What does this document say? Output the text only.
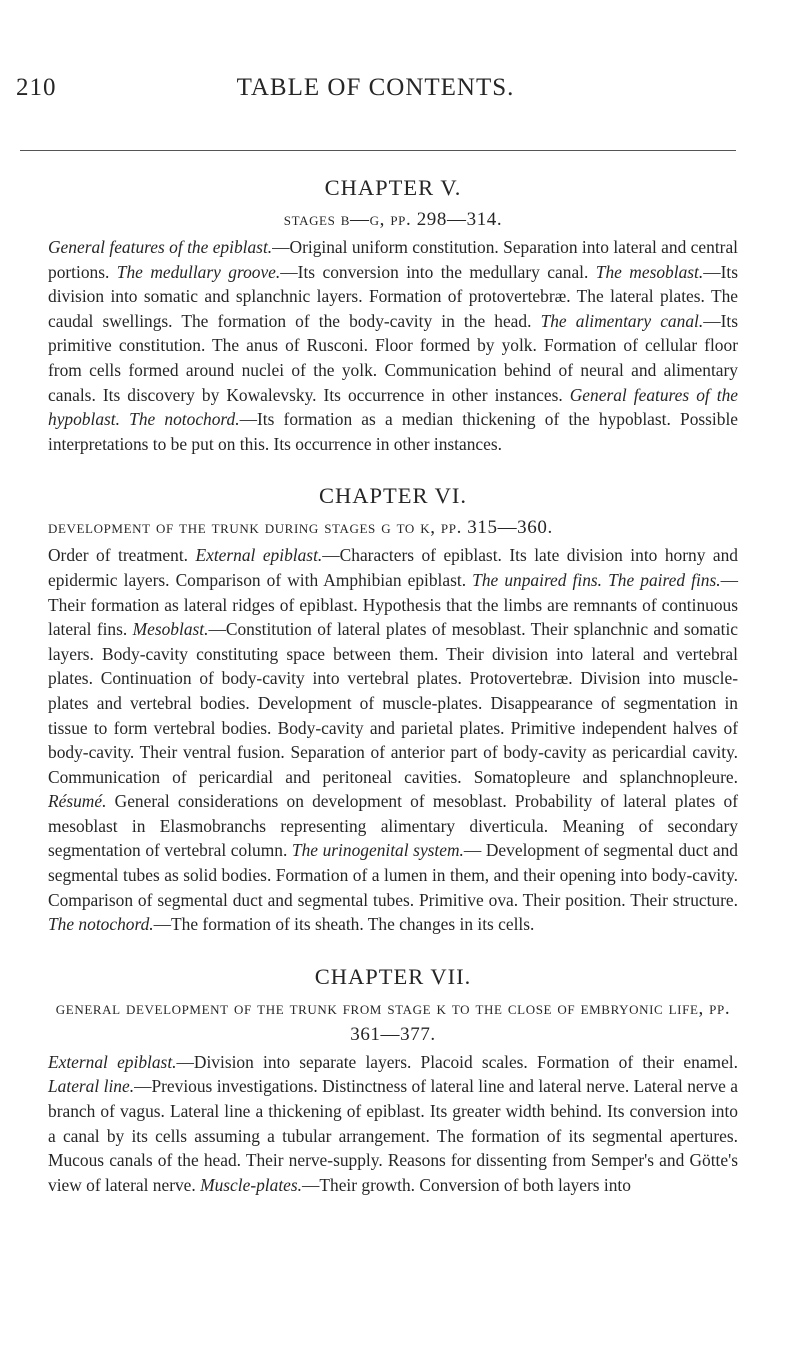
210	TABLE OF CONTENTS.
CHAPTER V.
stages b—g, pp. 298—314.

General features of the epiblast.—Original uniform constitution. Separation into lateral and central portions. The medullary groove.—Its conversion into the medullary canal. The mesoblast.—Its division into somatic and splanchnic layers. Formation of protovertebræ. The lateral plates. The caudal swellings. The formation of the body-cavity in the head. The alimentary canal.—Its primitive constitution. The anus of Rusconi. Floor formed by yolk. Formation of cellular floor from cells formed around nuclei of the yolk. Communication behind of neural and alimentary canals. Its discovery by Kowalevsky. Its occurrence in other instances. General features of the hypoblast. The notochord.—Its formation as a median thickening of the hypoblast. Possible interpretations to be put on this. Its occurrence in other instances.

CHAPTER VI.
development of the trunk during stages g to k, pp. 315—360.

Order of treatment. External epiblast.—Characters of epiblast. Its late division into horny and epidermic layers. Comparison of with Amphibian epiblast. The unpaired fins. The paired fins.—Their formation as lateral ridges of epiblast. Hypothesis that the limbs are remnants of continuous lateral fins. Mesoblast.—Constitution of lateral plates of mesoblast. Their splanchnic and somatic layers. Body-cavity constituting space between them. Their division into lateral and vertebral plates. Continuation of body-cavity into vertebral plates. Protovertebræ. Division into muscle-plates and vertebral bodies. Development of muscle-plates. Disappearance of segmentation in tissue to form vertebral bodies. Body-cavity and parietal plates. Primitive independent halves of body-cavity. Their ventral fusion. Separation of anterior part of body-cavity as pericardial cavity. Communication of pericardial and peritoneal cavities. Somatopleure and splanchnopleure. Résumé. General considerations on development of mesoblast. Probability of lateral plates of mesoblast in Elasmobranchs representing alimentary diverticula. Meaning of secondary segmentation of vertebral column. The urinogenital system.— Development of segmental duct and segmental tubes as solid bodies. Formation of a lumen in them, and their opening into body-cavity. Comparison of segmental duct and segmental tubes. Primitive ova. Their position. Their structure. The notochord.—The formation of its sheath. The changes in its cells.

CHAPTER VII.
general development of the trunk from stage k to the close of embryonic life, pp. 361—377.

External epiblast.—Division into separate layers. Placoid scales. Formation of their enamel. Lateral line.—Previous investigations. Distinctness of lateral line and lateral nerve. Lateral nerve a branch of vagus. Lateral line a thickening of epiblast. Its greater width behind. Its conversion into a canal by its cells assuming a tubular arrangement. The formation of its segmental apertures. Mucous canals of the head. Their nerve-supply. Reasons for dissenting from Semper's and Götte's view of lateral nerve. Muscle-plates.—Their growth. Conversion of both layers into
